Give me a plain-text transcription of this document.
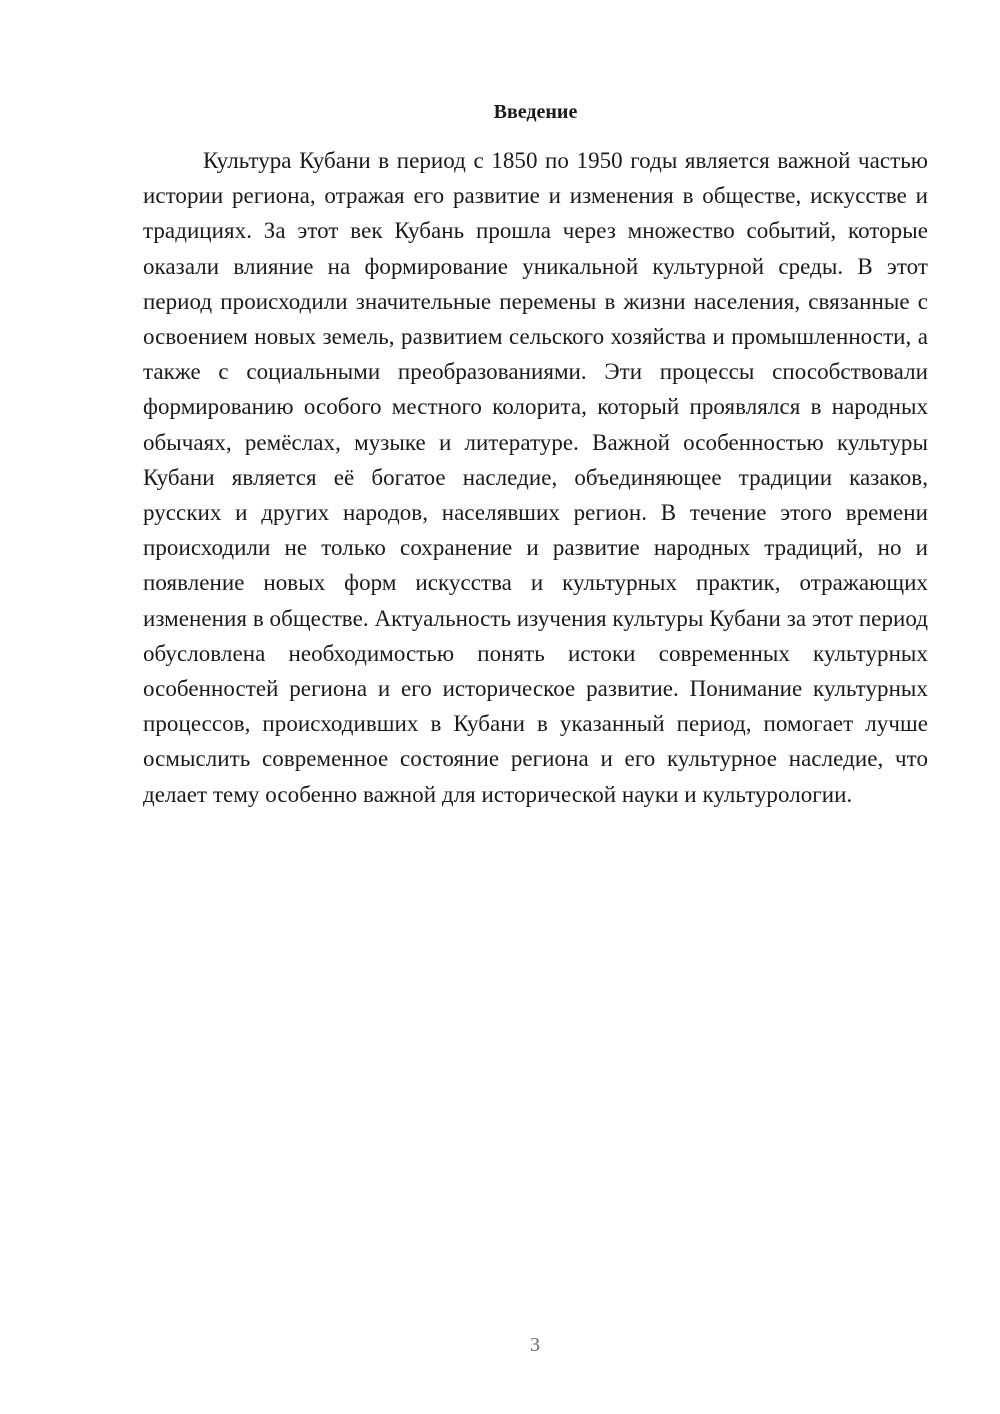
Введение

Культура Кубани в период с 1850 по 1950 годы является важной частью истории региона, отражая его развитие и изменения в обществе, искусстве и традициях. За этот век Кубань прошла через множество событий, которые оказали влияние на формирование уникальной культурной среды. В этот период происходили значительные перемены в жизни населения, связанные с освоением новых земель, развитием сельского хозяйства и промышленности, а также с социальными преобразованиями. Эти процессы способствовали формированию особого местного колорита, который проявлялся в народных обычаях, ремёслах, музыке и литературе. Важной особенностью культуры Кубани является её богатое наследие, объединяющее традиции казаков, русских и других народов, населявших регион. В течение этого времени происходили не только сохранение и развитие народных традиций, но и появление новых форм искусства и культурных практик, отражающих изменения в обществе. Актуальность изучения культуры Кубани за этот период обусловлена необходимостью понять истоки современных культурных особенностей региона и его историческое развитие. Понимание культурных процессов, происходивших в Кубани в указанный период, помогает лучше осмыслить современное состояние региона и его культурное наследие, что делает тему особенно важной для исторической науки и культурологии.

3
